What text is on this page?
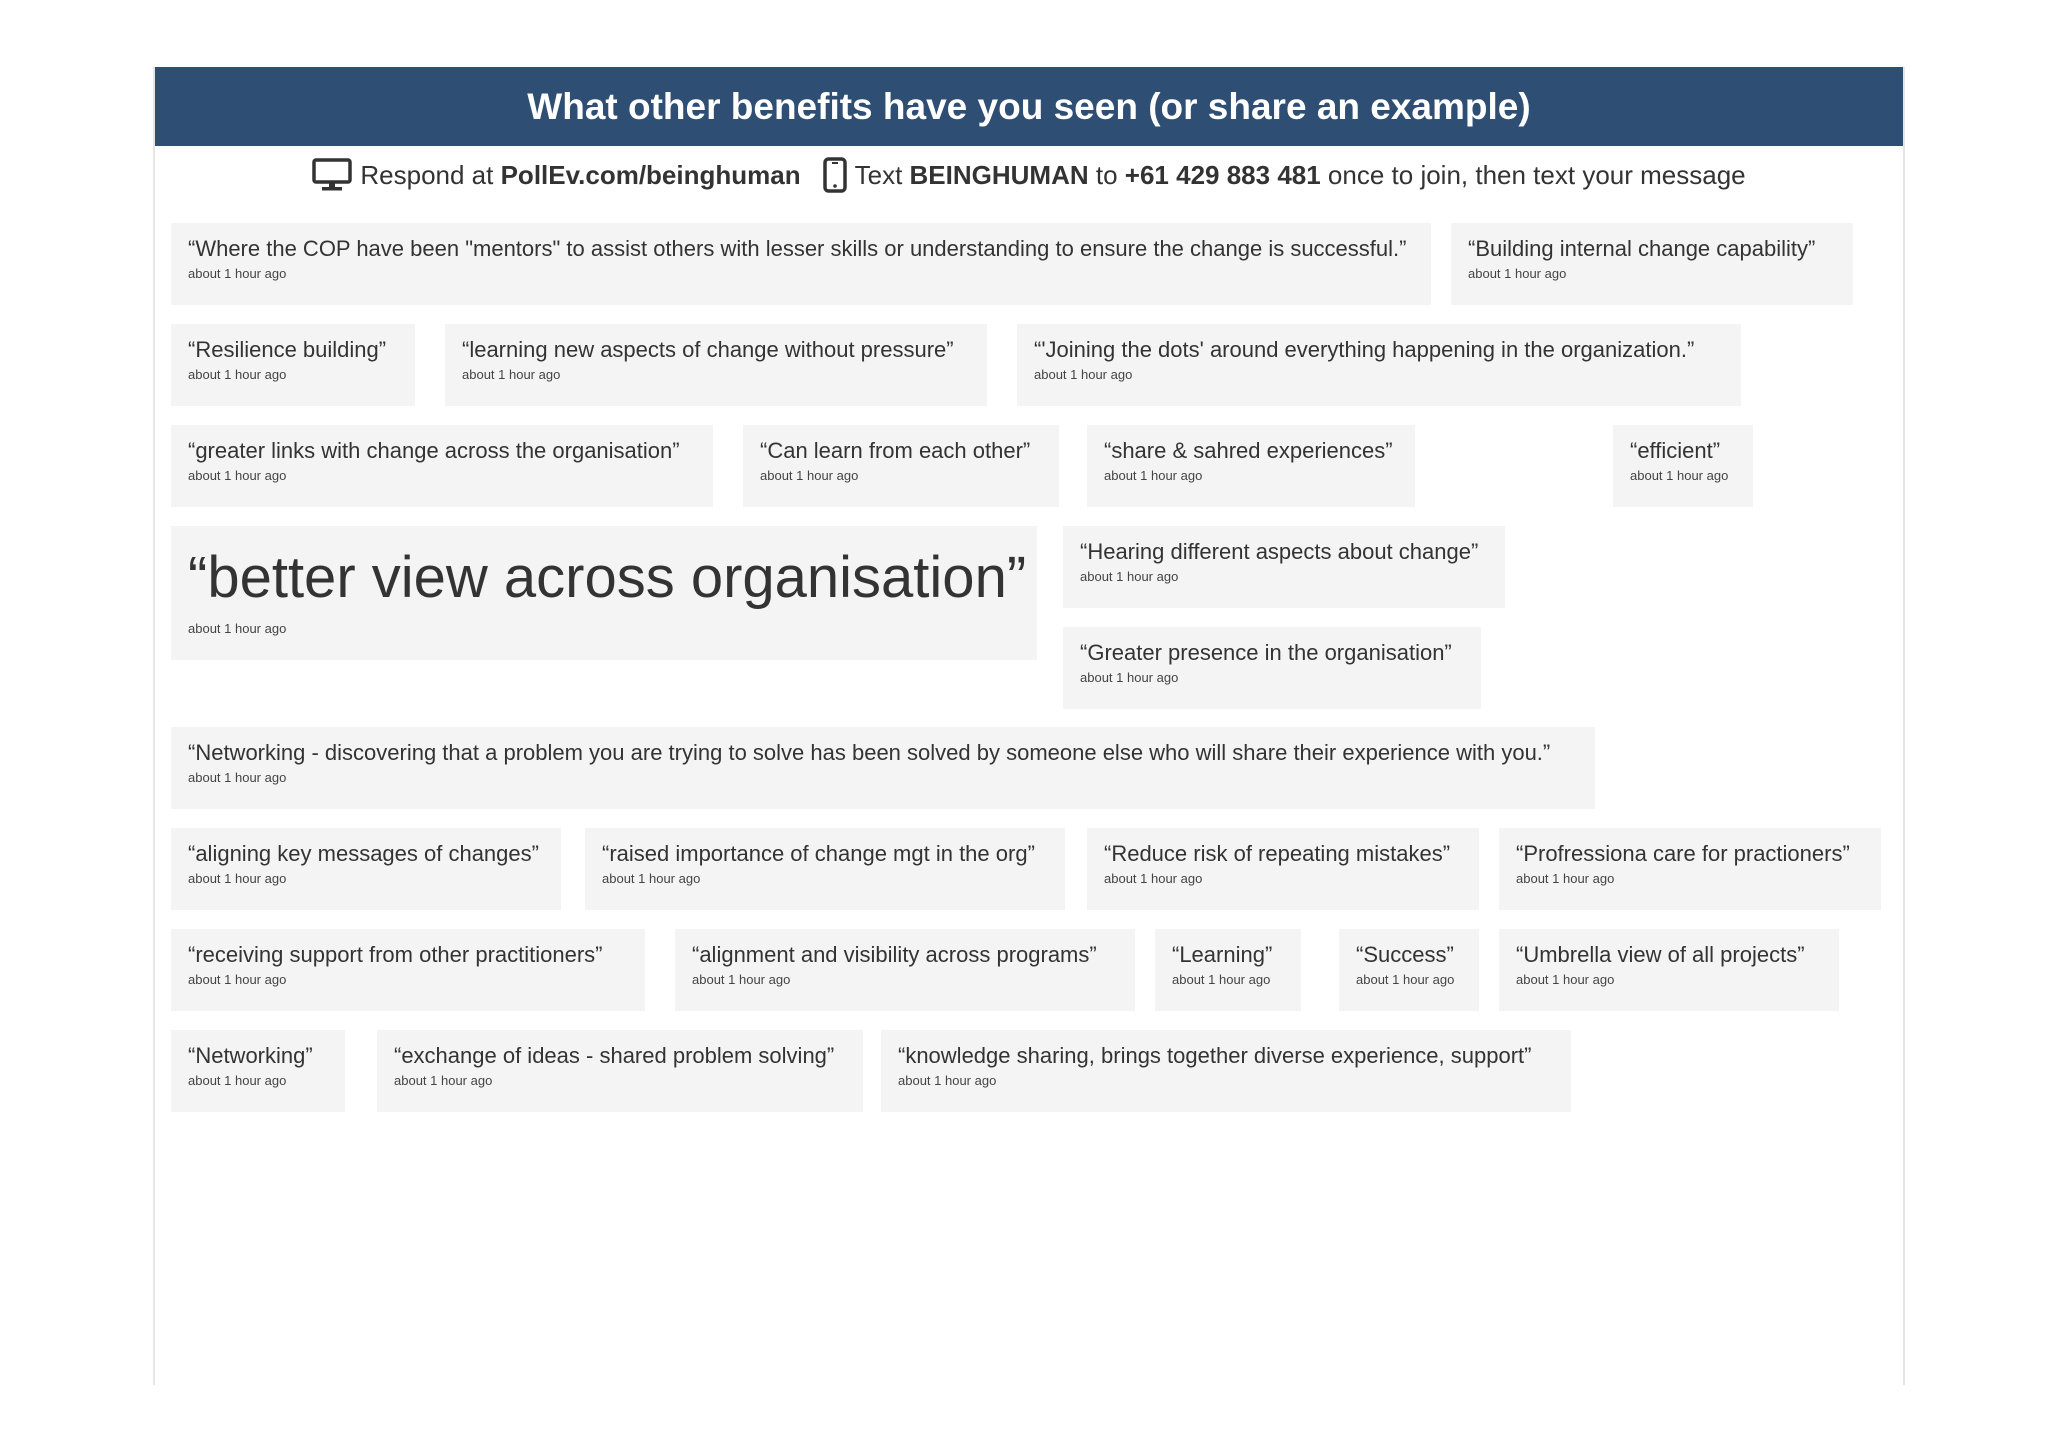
What other benefits have you seen (or share an example)
Respond at PollEv.com/beinghuman Text BEINGHUMAN to +61 429 883 481 once to join, then text your message
“Where the COP have been "mentors" to assist others with lesser skills or understanding to ensure the change is successful.”
about 1 hour ago
“Building internal change capability”
about 1 hour ago
“Resilience building”
about 1 hour ago
“learning new aspects of change without pressure”
about 1 hour ago
“'Joining the dots' around everything happening in the organization.”
about 1 hour ago
“greater links with change across the organisation”
about 1 hour ago
“Can learn from each other”
about 1 hour ago
“share & sahred experiences”
about 1 hour ago
“efficient”
about 1 hour ago
“better view across organisation”
about 1 hour ago
“Hearing different aspects about change”
about 1 hour ago
“Greater presence in the organisation”
about 1 hour ago
“Networking - discovering that a problem you are trying to solve has been solved by someone else who will share their experience with you.”
about 1 hour ago
“aligning key messages of changes”
about 1 hour ago
“raised importance of change mgt in the org”
about 1 hour ago
“Reduce risk of repeating mistakes”
about 1 hour ago
“Profressiona care for practioners”
about 1 hour ago
“receiving support from other practitioners”
about 1 hour ago
“alignment and visibility across programs”
about 1 hour ago
“Learning”
about 1 hour ago
“Success”
about 1 hour ago
“Umbrella view of all projects”
about 1 hour ago
“Networking”
about 1 hour ago
“exchange of ideas - shared problem solving”
about 1 hour ago
“knowledge sharing, brings together diverse experience, support”
about 1 hour ago
